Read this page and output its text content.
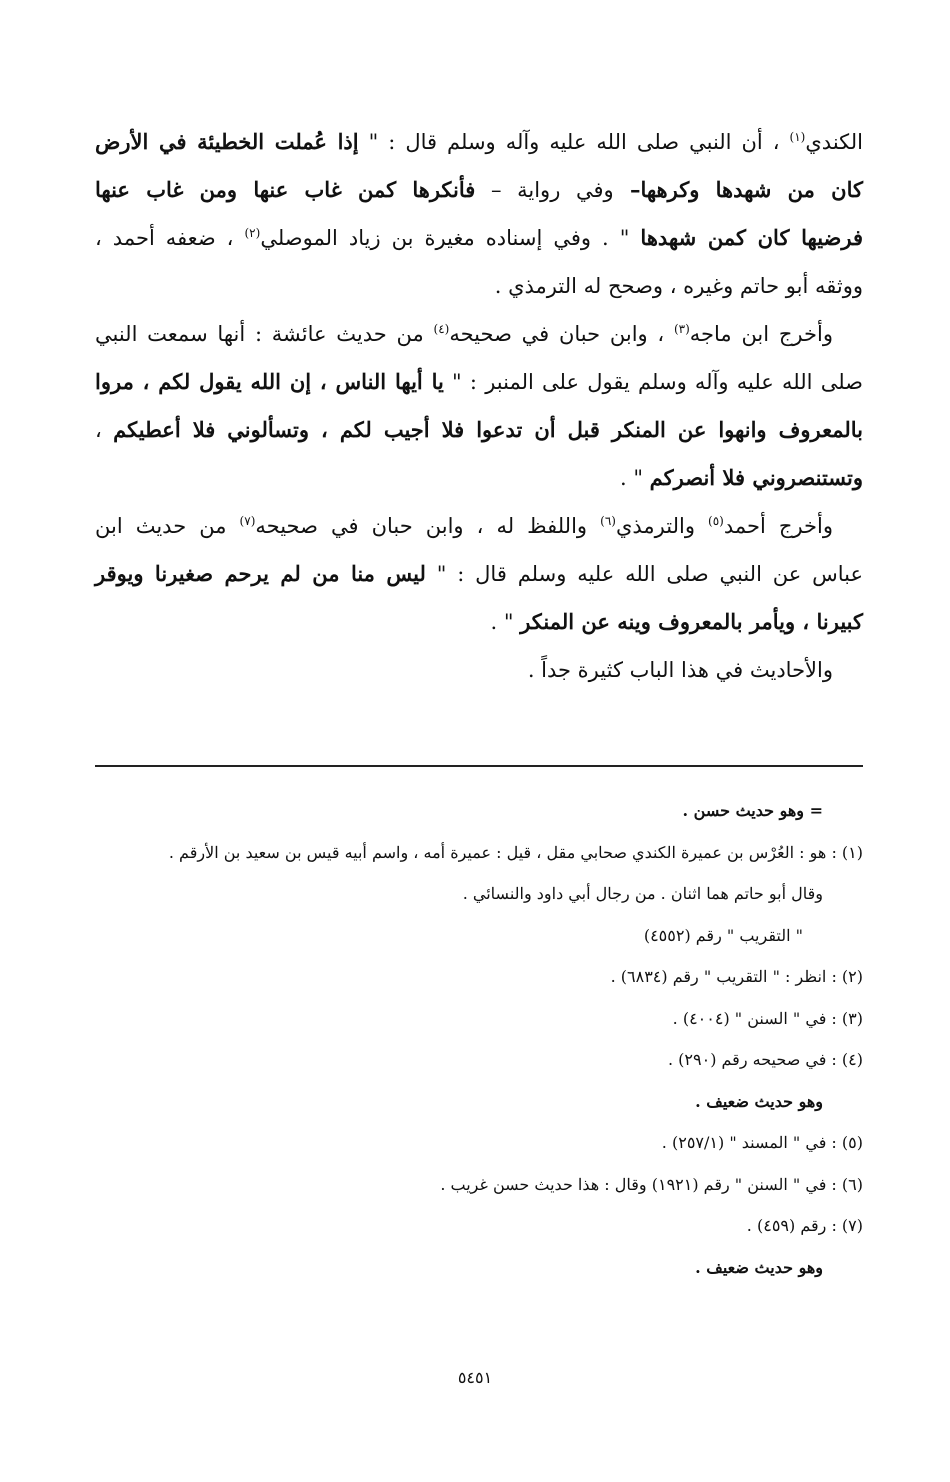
الكندي$^{(١)}$ ، أن النبي صلى الله عليه وآله وسلم قال : " إذا عُملت الخطيئة في الأرض
كان من شهدها وكرهها– وفي رواية – فأنكرها كمن غاب عنها ومن غاب عنها
فرضيها كان كمن شهدها " . وفي إسناده مغيرة بن زياد الموصلي$^{(٢)}$ ، ضعفه أحمد ،
ووثقه أبو حاتم وغيره ، وصحح له الترمذي .
وأخرج ابن ماجه$^{(٣)}$ ، وابن حبان في صحيحه$^{(٤)}$ من حديث عائشة : أنها سمعت النبي
صلى الله عليه وآله وسلم يقول على المنبر : " يا أيها الناس ، إن الله يقول لكم ، مروا
بالمعروف وانهوا عن المنكر قبل أن تدعوا فلا أجيب لكم ، وتسألوني فلا أعطيكم ،
وتستنصروني فلا أنصركم " .
وأخرج أحمد$^{(٥)}$ والترمذي$^{(٦)}$ واللفظ له ، وابن حبان في صحيحه$^{(٧)}$ من حديث ابن
عباس عن النبي صلى الله عليه وسلم قال : " ليس منا من لم يرحم صغيرنا ويوقر
كبيرنا ، ويأمر بالمعروف وينه عن المنكر " .
والأحاديث في هذا الباب كثيرة جداً .
= وهو حديث حسن .
(١) : هو : العُرْس بن عميرة الكندي صحابي مقل ، قيل : عميرة أمه ، واسم أبيه قيس بن سعيد بن الأرقم .
وقال أبو حاتم هما اثنان . من رجال أبي داود والنسائي .
" التقريب " رقم (٤٥٥٢)
(٢) : انظر : " التقريب " رقم (٦٨٣٤) .
(٣) : في " السنن " (٤٠٠٤) .
(٤) : في صحيحه رقم (٢٩٠) .
وهو حديث ضعيف .
(٥) : في " المسند " (٢٥٧/١) .
(٦) : في " السنن " رقم (١٩٢١) وقال : هذا حديث حسن غريب .
(٧) : رقم (٤٥٩) .
وهو حديث ضعيف .
٥٤٥١
